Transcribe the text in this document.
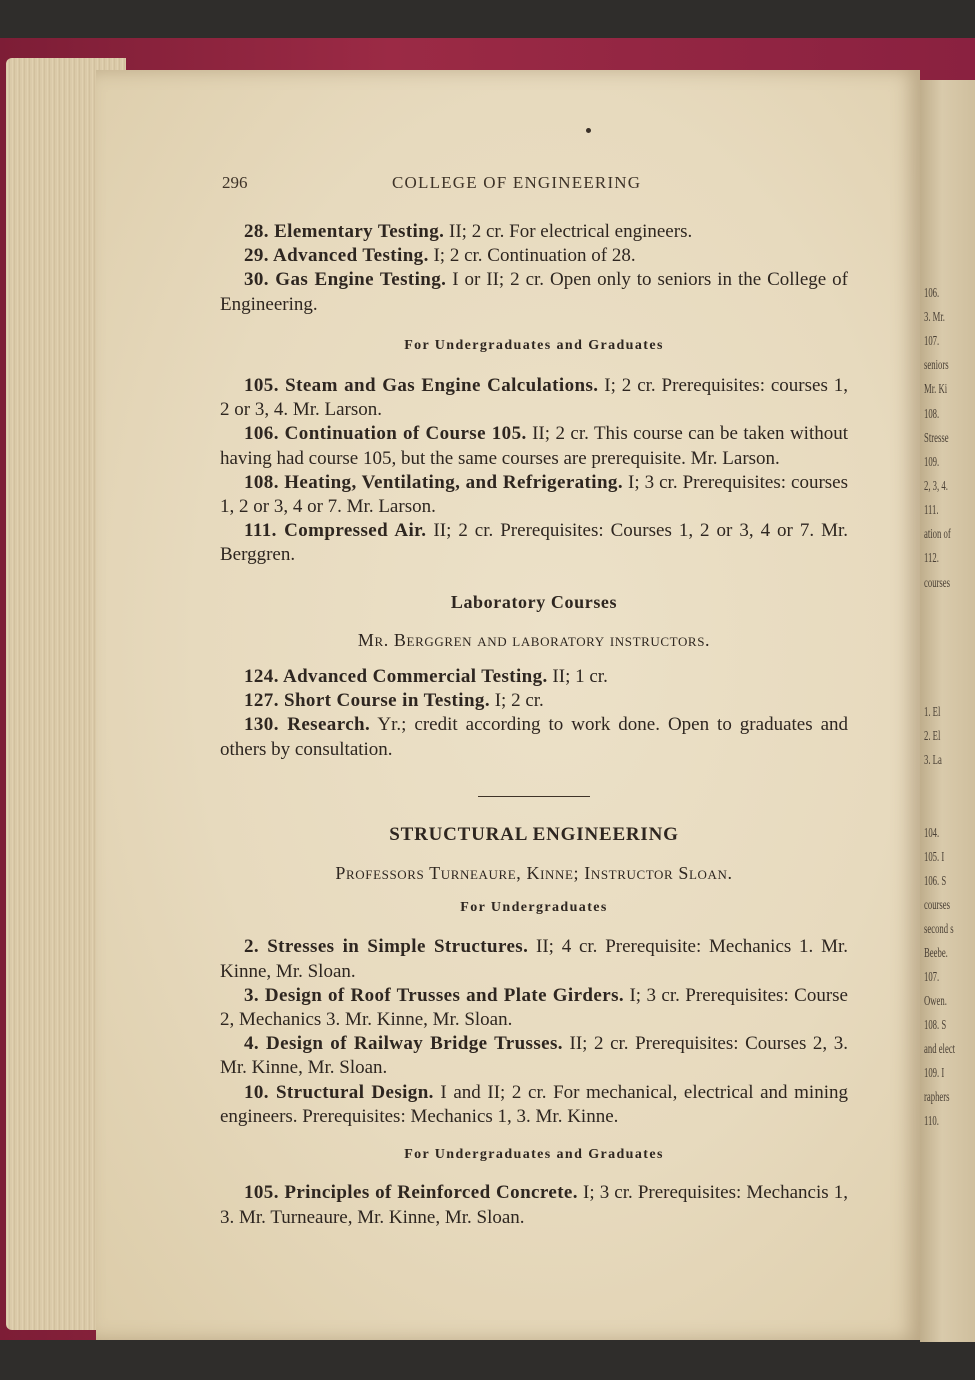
106.
3. Mr.
107.
seniors
Mr. Ki
108.
Stresse
109.
2, 3, 4.
111.
ation of
112.
courses
1. El
2. El
3. La
104.
105. I
106. S
courses
second s
Beebe.
107.
Owen.
108. S
and elect
109. I
raphers
110.
296	COLLEGE OF ENGINEERING

28. Elementary Testing. II; 2 cr. For electrical engineers.

29. Advanced Testing. I; 2 cr. Continuation of 28.

30. Gas Engine Testing. I or II; 2 cr. Open only to seniors in the College of Engineering.

For Undergraduates and Graduates

105. Steam and Gas Engine Calculations. I; 2 cr. Prerequisites: courses 1, 2 or 3, 4. Mr. Larson.

106. Continuation of Course 105. II; 2 cr. This course can be taken without having had course 105, but the same courses are prerequisite. Mr. Larson.

108. Heating, Ventilating, and Refrigerating. I; 3 cr. Prerequisites: courses 1, 2 or 3, 4 or 7. Mr. Larson.

111. Compressed Air. II; 2 cr. Prerequisites: Courses 1, 2 or 3, 4 or 7. Mr. Berggren.

Laboratory Courses

Mr. Berggren and laboratory instructors.

124. Advanced Commercial Testing. II; 1 cr.

127. Short Course in Testing. I; 2 cr.

130. Research. Yr.; credit according to work done. Open to graduates and others by consultation.

STRUCTURAL ENGINEERING

Professors Turneaure, Kinne; Instructor Sloan.

For Undergraduates

2. Stresses in Simple Structures. II; 4 cr. Prerequisite: Mechanics 1. Mr. Kinne, Mr. Sloan.

3. Design of Roof Trusses and Plate Girders. I; 3 cr. Prerequisites: Course 2, Mechanics 3. Mr. Kinne, Mr. Sloan.

4. Design of Railway Bridge Trusses. II; 2 cr. Prerequisites: Courses 2, 3. Mr. Kinne, Mr. Sloan.

10. Structural Design. I and II; 2 cr. For mechanical, electrical and mining engineers. Prerequisites: Mechanics 1, 3. Mr. Kinne.

For Undergraduates and Graduates

105. Principles of Reinforced Concrete. I; 3 cr. Prerequisites: Mechancis 1, 3. Mr. Turneaure, Mr. Kinne, Mr. Sloan.
